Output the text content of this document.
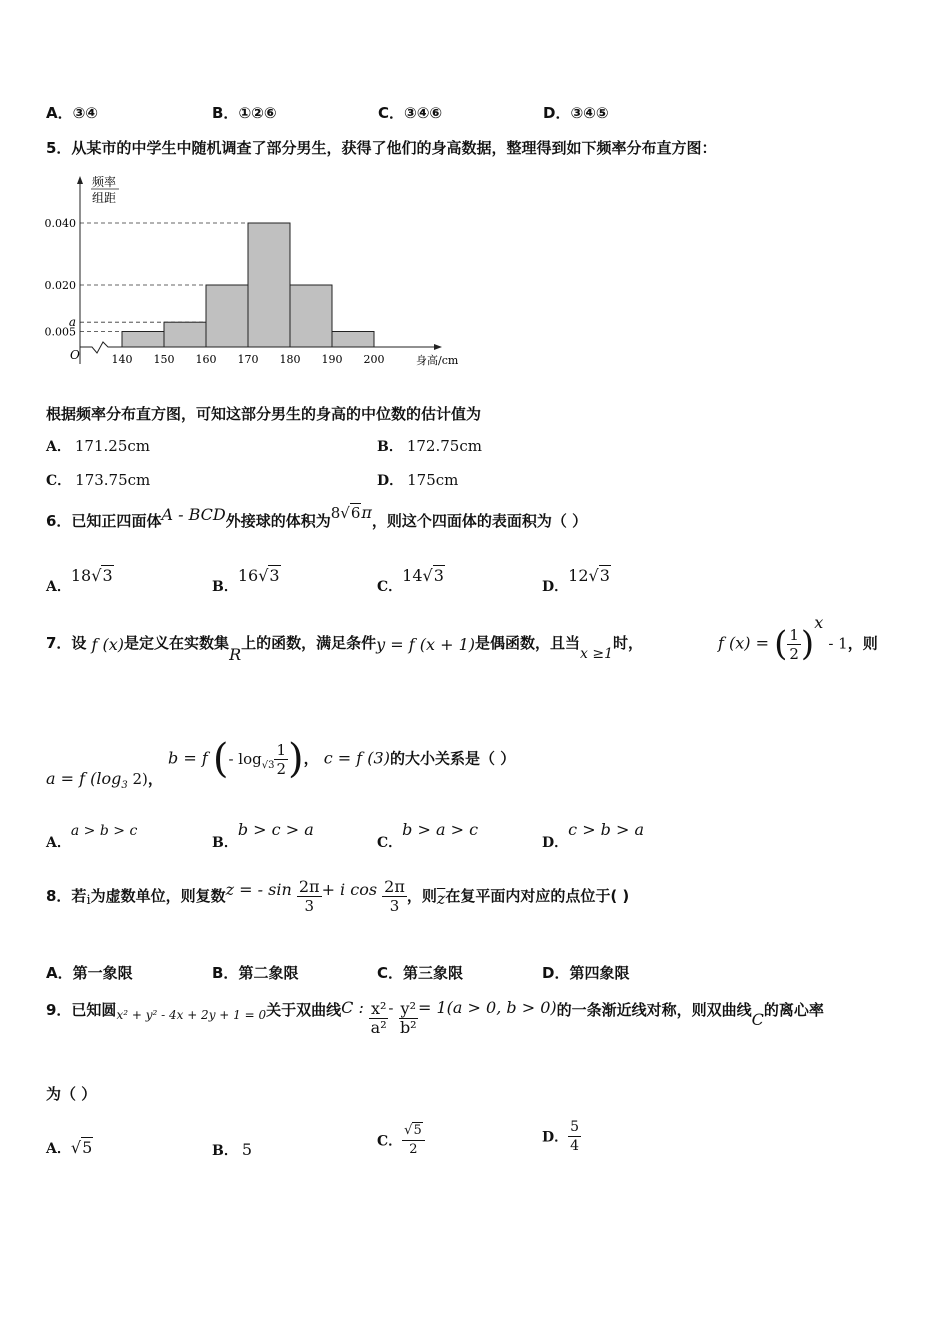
A．③④	B．①②⑥	C．③④⑥	D．③④⑤
5．从某市的中学生中随机调查了部分男生，获得了他们的身高数据，整理得到如下频率分布直方图：
0.040
0.020
a
0.005
140 150 160 170 180 190 200
O
频率
组距
身高/cm
根据频率分布直方图，可知这部分男生的身高的中位数的估计值为
A． 171.25cm	B． 172.75cm
C． 173.75cm	D． 175cm
6．已知正四面体A - BCD外接球的体积为8√6π，则这个四面体的表面积为（ ）
A．18√3
B．16√3
C．14√3
D．12√3
7．设 f (x)是定义在实数集R上的函数，满足条件y = f (x + 1)是偶函数，且当x ≥1时，	f (x) = ( $\frac{1}{2} )^x - 1$，则
a = f ($\log_3$ 2)， b = f (- $\log_{√3} \frac{1}{2}$ )， c = f (3)的大小关系是（ ）
A．a > b > c
B．b > c > a
C．b > a > c
D．c > b > a
8．若i为虚数单位，则复数z = - $\sin \frac{2\pi}{3} + i$ $\cos \frac{2\pi}{3}$ ，则$\overline{z}$在复平面内对应的点位于( )
A．第一象限	B．第二象限	C．第三象限	D．第四象限
9．已知圆$^{x^2 + y^2 - 4x + 2y + 1 = 0}$关于双曲线C : $\frac{\text{x²}}{\text{a²}} - \frac{\text{y²}}{\text{b²}} = 1(a > 0$, b > 0)的一条渐近线对称，则双曲线C的离心率
为（ ）
A．√5	B． 5	C． $\frac{√5}{2}$	D． $\frac{5}{4}$
